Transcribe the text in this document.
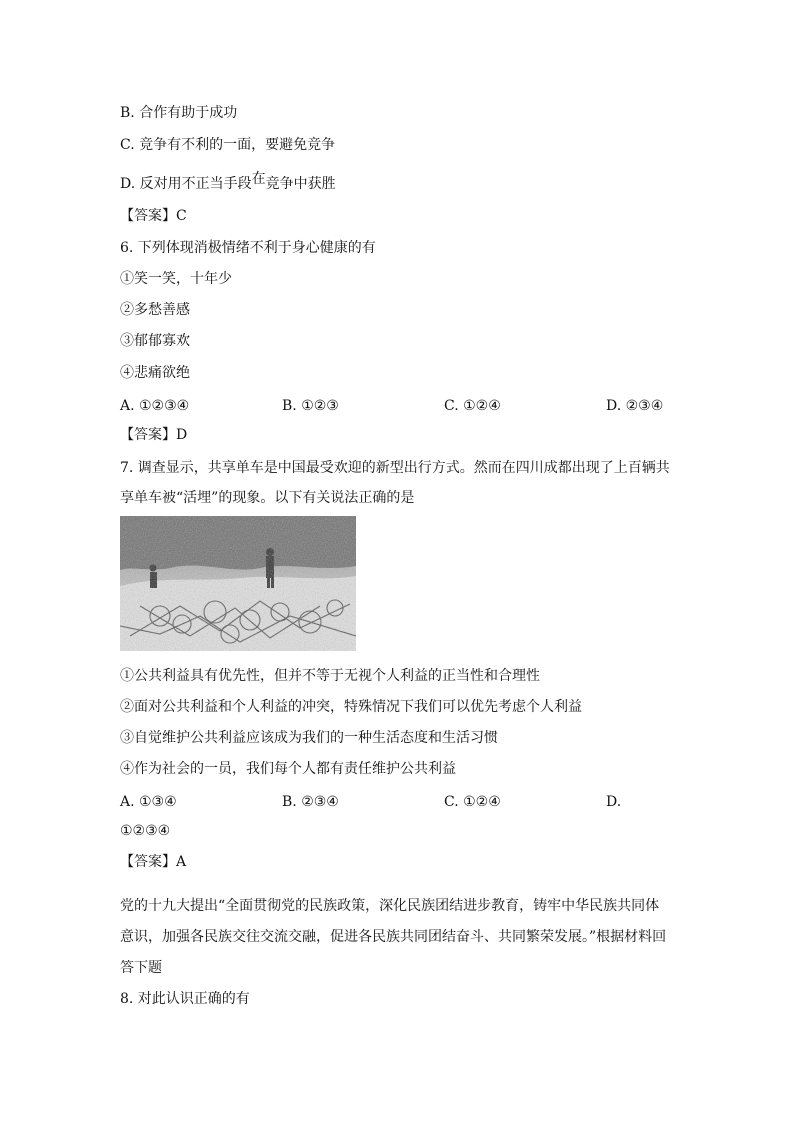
B. 合作有助于成功
C. 竞争有不利的一面，要避免竞争
D. 反对用不正当手段在竞争中获胜
【答案】C
6. 下列体现消极情绪不利于身心健康的有
①笑一笑，十年少
②多愁善感
③郁郁寡欢
④悲痛欲绝
A. ①②③④	B. ①②③	C. ①②④	D. ②③④
【答案】D
7. 调查显示，共享单车是中国最受欢迎的新型出行方式。然而在四川成都出现了上百辆共
享单车被“活埋”的现象。以下有关说法正确的是
①公共利益具有优先性，但并不等于无视个人利益的正当性和合理性
②面对公共利益和个人利益的冲突，特殊情况下我们可以优先考虑个人利益
③自觉维护公共利益应该成为我们的一种生活态度和生活习惯
④作为社会的一员，我们每个人都有责任维护公共利益
A. ①③④	B. ②③④	C. ①②④	D.
①②③④
【答案】A
党的十九大提出“全面贯彻党的民族政策，深化民族团结进步教育，铸牢中华民族共同体
意识，加强各民族交往交流交融，促进各民族共同团结奋斗、共同繁荣发展。”根据材料回
答下题
8. 对此认识正确的有
